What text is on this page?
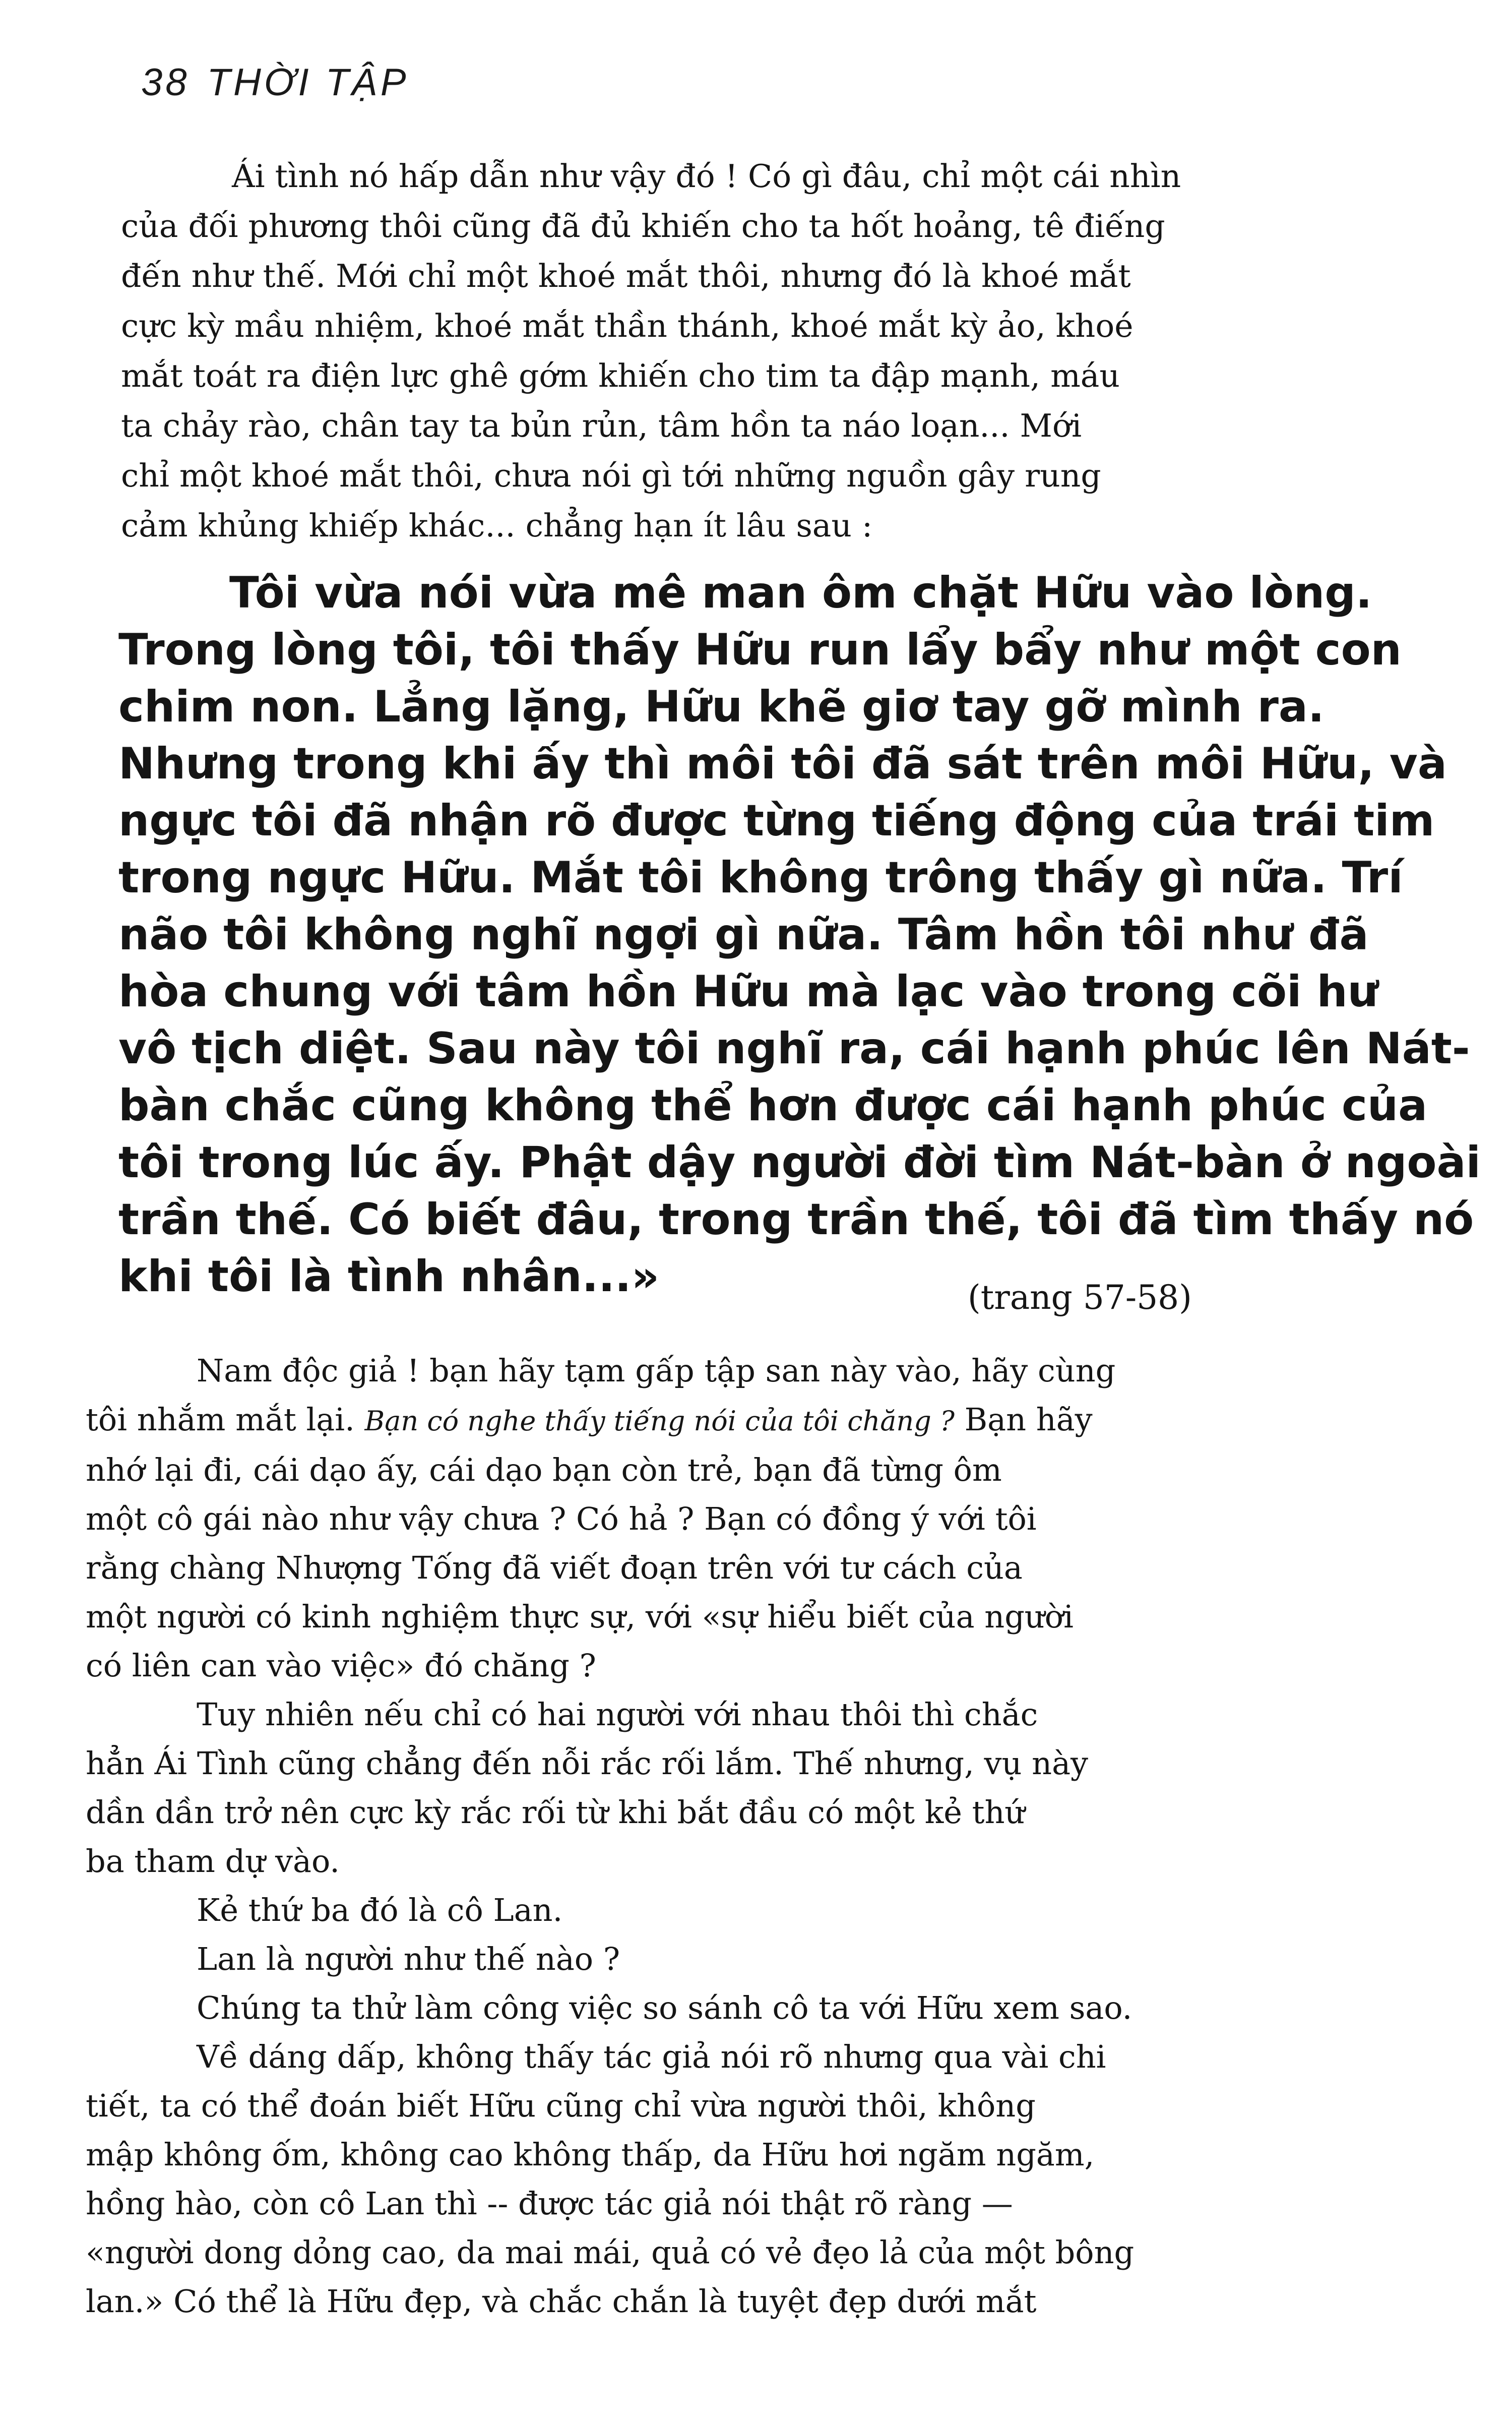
38 THỜI TẬP
Ái tình nó hấp dẫn như vậy đó ! Có gì đâu, chỉ một cái nhìn
của đối phương thôi cũng đã đủ khiến cho ta hốt hoảng, tê điếng
đến như thế. Mới chỉ một khoé mắt thôi, nhưng đó là khoé mắt
cực kỳ mầu nhiệm, khoé mắt thần thánh, khoé mắt kỳ ảo, khoé
mắt toát ra điện lực ghê gớm khiến cho tim ta đập mạnh, máu
ta chảy rào, chân tay ta bủn rủn, tâm hồn ta náo loạn... Mới
chỉ một khoé mắt thôi, chưa nói gì tới những nguồn gây rung
cảm khủng khiếp khác... chẳng hạn ít lâu sau :
Tôi vừa nói vừa mê man ôm chặt Hữu vào lòng.
Trong lòng tôi, tôi thấy Hữu run lẩy bẩy như một con
chim non. Lẳng lặng, Hữu khẽ giơ tay gỡ mình ra.
Nhưng trong khi ấy thì môi tôi đã sát trên môi Hữu, và
ngực tôi đã nhận rõ được từng tiếng động của trái tim
trong ngực Hữu. Mắt tôi không trông thấy gì nữa. Trí
não tôi không nghĩ ngợi gì nữa. Tâm hồn tôi như đã
hòa chung với tâm hồn Hữu mà lạc vào trong cõi hư
vô tịch diệt. Sau này tôi nghĩ ra, cái hạnh phúc lên Nát-
bàn chắc cũng không thể hơn được cái hạnh phúc của
tôi trong lúc ấy. Phật dậy người đời tìm Nát-bàn ở ngoài
trần thế. Có biết đâu, trong trần thế, tôi đã tìm thấy nó
khi tôi là tình nhân...»	(trang 57-58)
Nam độc giả ! bạn hãy tạm gấp tập san này vào, hãy cùng
tôi nhắm mắt lại. Bạn có nghe thấy tiếng nói của tôi chăng ? Bạn hãy
nhớ lại đi, cái dạo ấy, cái dạo bạn còn trẻ, bạn đã từng ôm
một cô gái nào như vậy chưa ? Có hả ? Bạn có đồng ý với tôi
rằng chàng Nhượng Tống đã viết đoạn trên với tư cách của
một người có kinh nghiệm thực sự, với «sự hiểu biết của người
có liên can vào việc» đó chăng ?
Tuy nhiên nếu chỉ có hai người với nhau thôi thì chắc
hẳn Ái Tình cũng chẳng đến nỗi rắc rối lắm. Thế nhưng, vụ này
dần dần trở nên cực kỳ rắc rối từ khi bắt đầu có một kẻ thứ
ba tham dự vào.
Kẻ thứ ba đó là cô Lan.
Lan là người như thế nào ?
Chúng ta thử làm công việc so sánh cô ta với Hữu xem sao.
Về dáng dấp, không thấy tác giả nói rõ nhưng qua vài chi
tiết, ta có thể đoán biết Hữu cũng chỉ vừa người thôi, không
mập không ốm, không cao không thấp, da Hữu hơi ngăm ngăm,
hồng hào, còn cô Lan thì -- được tác giả nói thật rõ ràng —
«người dong dỏng cao, da mai mái, quả có vẻ đẹo lả của một bông
lan.» Có thể là Hữu đẹp, và chắc chắn là tuyệt đẹp dưới mắt
